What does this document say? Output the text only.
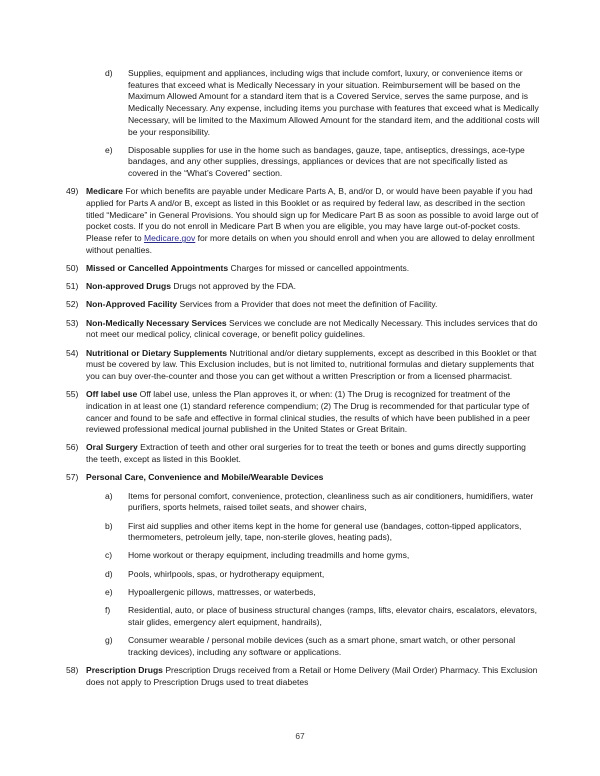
d)	Supplies, equipment and appliances, including wigs that include comfort, luxury, or convenience items or features that exceed what is Medically Necessary in your situation. Reimbursement will be based on the Maximum Allowed Amount for a standard item that is a Covered Service, serves the same purpose, and is Medically Necessary. Any expense, including items you purchase with features that exceed what is Medically Necessary, will be limited to the Maximum Allowed Amount for the standard item, and the additional costs will be your responsibility.
e)	Disposable supplies for use in the home such as bandages, gauze, tape, antiseptics, dressings, ace-type bandages, and any other supplies, dressings, appliances or devices that are not specifically listed as covered in the “What’s Covered” section.
49) Medicare For which benefits are payable under Medicare Parts A, B, and/or D, or would have been payable if you had applied for Parts A and/or B, except as listed in this Booklet or as required by federal law, as described in the section titled “Medicare” in General Provisions. You should sign up for Medicare Part B as soon as possible to avoid large out of pocket costs. If you do not enroll in Medicare Part B when you are eligible, you may have large out-of-pocket costs. Please refer to Medicare.gov for more details on when you should enroll and when you are allowed to delay enrollment without penalties.
50) Missed or Cancelled Appointments Charges for missed or cancelled appointments.
51) Non-approved Drugs Drugs not approved by the FDA.
52) Non-Approved Facility Services from a Provider that does not meet the definition of Facility.
53) Non-Medically Necessary Services Services we conclude are not Medically Necessary. This includes services that do not meet our medical policy, clinical coverage, or benefit policy guidelines.
54) Nutritional or Dietary Supplements Nutritional and/or dietary supplements, except as described in this Booklet or that must be covered by law. This Exclusion includes, but is not limited to, nutritional formulas and dietary supplements that you can buy over-the-counter and those you can get without a written Prescription or from a licensed pharmacist.
55) Off label use Off label use, unless the Plan approves it, or when: (1) The Drug is recognized for treatment of the indication in at least one (1) standard reference compendium; (2) The Drug is recommended for that particular type of cancer and found to be safe and effective in formal clinical studies, the results of which have been published in a peer reviewed professional medical journal published in the United States or Great Britain.
56) Oral Surgery Extraction of teeth and other oral surgeries for to treat the teeth or bones and gums directly supporting the teeth, except as listed in this Booklet.
57) Personal Care, Convenience and Mobile/Wearable Devices
a)	Items for personal comfort, convenience, protection, cleanliness such as air conditioners, humidifiers, water purifiers, sports helmets, raised toilet seats, and shower chairs,
b)	First aid supplies and other items kept in the home for general use (bandages, cotton-tipped applicators, thermometers, petroleum jelly, tape, non-sterile gloves, heating pads),
c)	Home workout or therapy equipment, including treadmills and home gyms,
d)	Pools, whirlpools, spas, or hydrotherapy equipment,
e)	Hypoallergenic pillows, mattresses, or waterbeds,
f)	Residential, auto, or place of business structural changes (ramps, lifts, elevator chairs, escalators, elevators, stair glides, emergency alert equipment, handrails),
g)	Consumer wearable / personal mobile devices (such as a smart phone, smart watch, or other personal tracking devices), including any software or applications.
58) Prescription Drugs Prescription Drugs received from a Retail or Home Delivery (Mail Order) Pharmacy. This Exclusion does not apply to Prescription Drugs used to treat diabetes
67
